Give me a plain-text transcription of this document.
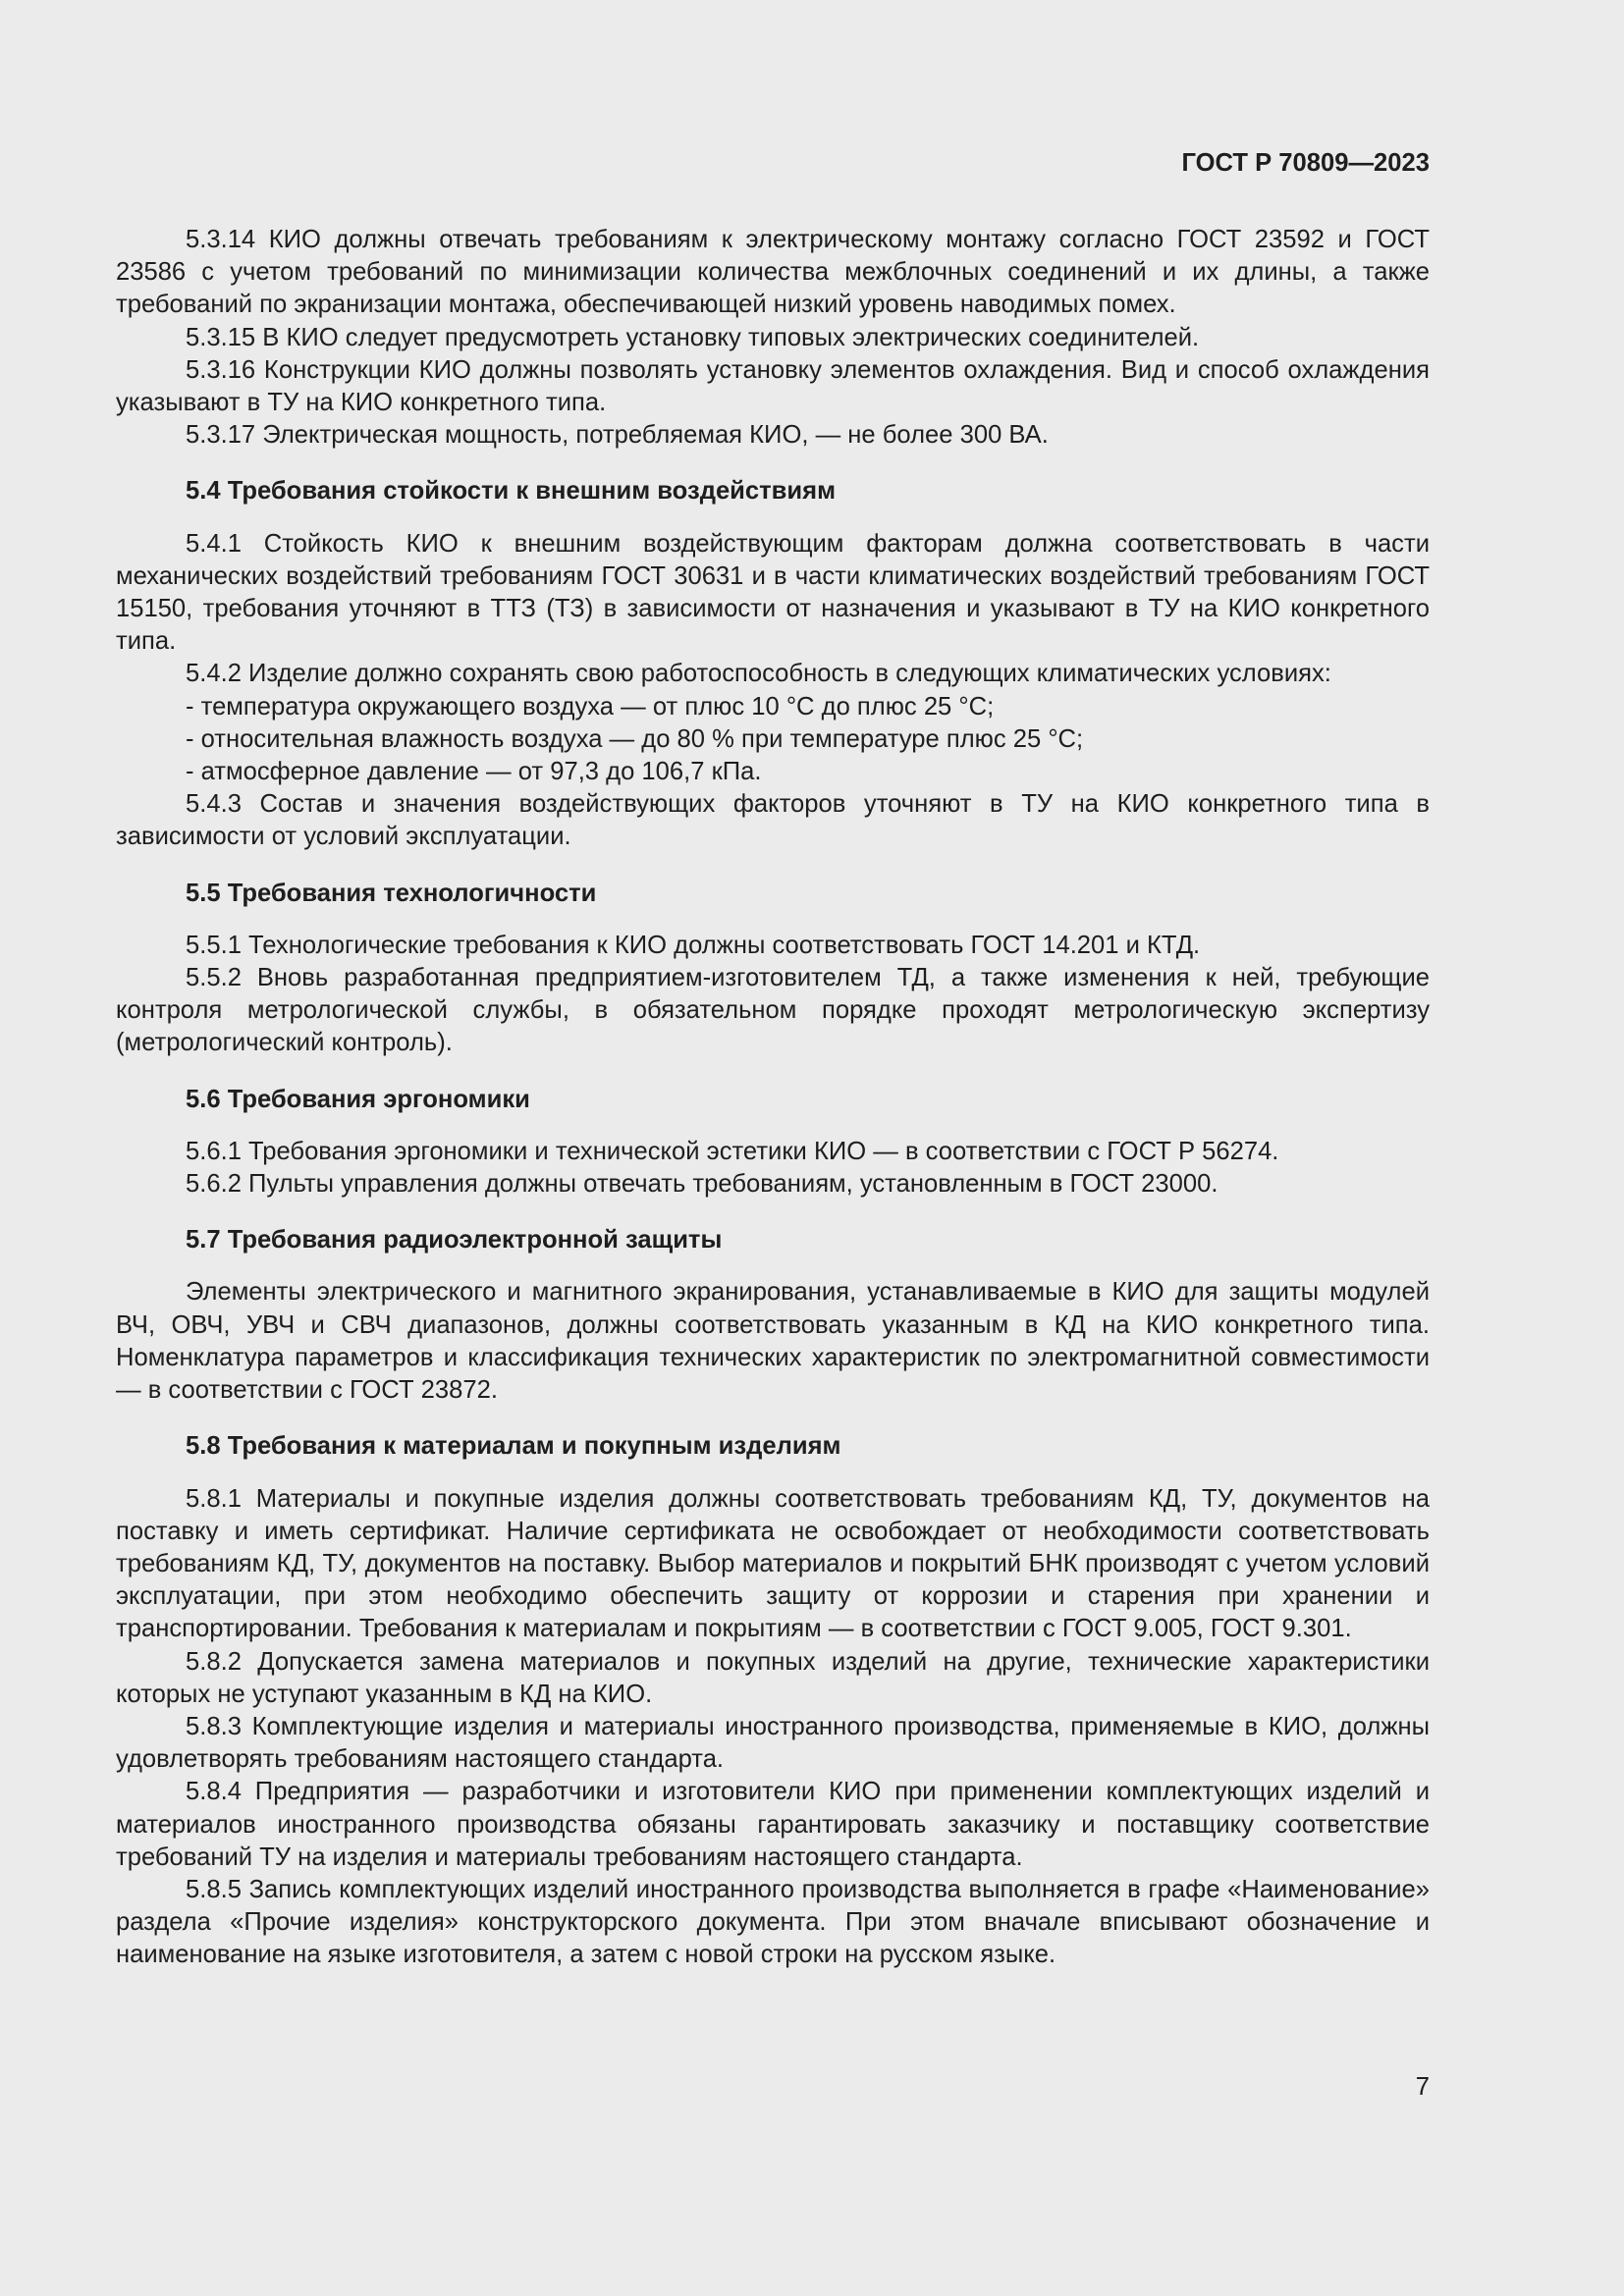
ГОСТ Р 70809—2023

5.3.14 КИО должны отвечать требованиям к электрическому монтажу согласно ГОСТ 23592 и ГОСТ 23586 с учетом требований по минимизации количества межблочных соединений и их длины, а также требований по экранизации монтажа, обеспечивающей низкий уровень наводимых помех.

5.3.15 В КИО следует предусмотреть установку типовых электрических соединителей.

5.3.16 Конструкции КИО должны позволять установку элементов охлаждения. Вид и способ охлаждения указывают в ТУ на КИО конкретного типа.

5.3.17 Электрическая мощность, потребляемая КИО, — не более 300 ВА.

5.4 Требования стойкости к внешним воздействиям

5.4.1 Стойкость КИО к внешним воздействующим факторам должна соответствовать в части механических воздействий требованиям ГОСТ 30631 и в части климатических воздействий требованиям ГОСТ 15150, требования уточняют в ТТЗ (ТЗ) в зависимости от назначения и указывают в ТУ на КИО конкретного типа.

5.4.2 Изделие должно сохранять свою работоспособность в следующих климатических условиях:

- температура окружающего воздуха — от плюс 10 °С до плюс 25 °С;
- относительная влажность воздуха — до 80 % при температуре плюс 25 °С;
- атмосферное давление — от 97,3 до 106,7 кПа.

5.4.3 Состав и значения воздействующих факторов уточняют в ТУ на КИО конкретного типа в зависимости от условий эксплуатации.

5.5 Требования технологичности

5.5.1 Технологические требования к КИО должны соответствовать ГОСТ 14.201 и КТД.

5.5.2 Вновь разработанная предприятием-изготовителем ТД, а также изменения к ней, требующие контроля метрологической службы, в обязательном порядке проходят метрологическую экспертизу (метрологический контроль).

5.6 Требования эргономики

5.6.1 Требования эргономики и технической эстетики КИО — в соответствии с ГОСТ Р 56274.

5.6.2 Пульты управления должны отвечать требованиям, установленным в ГОСТ 23000.

5.7 Требования радиоэлектронной защиты

Элементы электрического и магнитного экранирования, устанавливаемые в КИО для защиты модулей ВЧ, ОВЧ, УВЧ и СВЧ диапазонов, должны соответствовать указанным в КД на КИО конкретного типа. Номенклатура параметров и классификация технических характеристик по электромагнитной совместимости — в соответствии с ГОСТ 23872.

5.8 Требования к материалам и покупным изделиям

5.8.1 Материалы и покупные изделия должны соответствовать требованиям КД, ТУ, документов на поставку и иметь сертификат. Наличие сертификата не освобождает от необходимости соответствовать требованиям КД, ТУ, документов на поставку. Выбор материалов и покрытий БНК производят с учетом условий эксплуатации, при этом необходимо обеспечить защиту от коррозии и старения при хранении и транспортировании. Требования к материалам и покрытиям — в соответствии с ГОСТ 9.005, ГОСТ 9.301.

5.8.2 Допускается замена материалов и покупных изделий на другие, технические характеристики которых не уступают указанным в КД на КИО.

5.8.3 Комплектующие изделия и материалы иностранного производства, применяемые в КИО, должны удовлетворять требованиям настоящего стандарта.

5.8.4 Предприятия — разработчики и изготовители КИО при применении комплектующих изделий и материалов иностранного производства обязаны гарантировать заказчику и поставщику соответствие требований ТУ на изделия и материалы требованиям настоящего стандарта.

5.8.5 Запись комплектующих изделий иностранного производства выполняется в графе «Наименование» раздела «Прочие изделия» конструкторского документа. При этом вначале вписывают обозначение и наименование на языке изготовителя, а затем с новой строки на русском языке.

7
